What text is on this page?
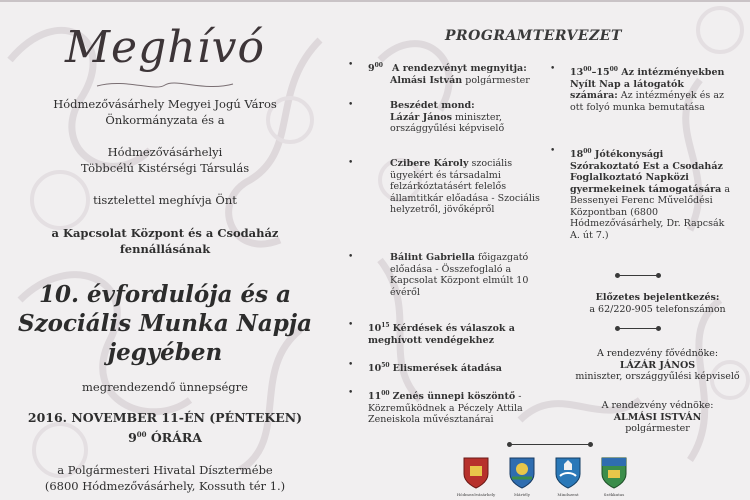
Meghívó
Hódmezővásárhely Megyei Jogú Város
Önkormányzata és a
Hódmezővásárhelyi
Többcélú Kistérségi Társulás
tisztelettel meghívja Önt
a Kapcsolat Központ és a Csodaház
fennállásának
10. évfordulója és a
Szociális Munka Napja
jegyében
megrendezendő ünnepségre
2016. NOVEMBER 11-ÉN (PÉNTEKEN)
$9^{00}$ ÓRÁRA
a Polgármesteri Hivatal Dísztermébe
(6800 Hódmezővásárhely, Kossuth tér 1.)
PROGRAMTERVEZET
• $9^{00}$ A rendezvényt megnyitja:
Almási István polgármester
•	Beszédet mond:
Lázár János miniszter, országgyűlési képviselő
•	Czibere Károly szociális ügyekért és társadalmi felzárkóztatásért felelős államtitkár előadása - Szociális helyzetről, jövőképről
•	Bálint Gabriella főigazgató előadása - Összefoglaló a Kapcsolat Központ elmúlt 10 évéről
• $10^{15}$ Kérdések és válaszok a meghívott vendégekhez
• $10^{50}$ Elismerések átadása
• $11^{00}$ Zenés ünnepi köszöntő - Közreműködnek a Péczely Attila Zeneiskola művésztanárai
• $13^{00}-15^{00}$ Az intézményekben Nyílt Nap a látogatók számára: Az intézmények és az ott folyó munka bemutatása
• $18^{00}$ Jótékonysági Szórakoztató Est a Csodaház Foglalkoztató Napközi gyermekeinek támogatására a Bessenyei Ferenc Művelődési Központban (6800 Hódmezővásárhely, Dr. Rapcsák A. út 7.)
Előzetes bejelentkezés:
a 62/220-905 telefonszámon
A rendezvény fővédnöke:
LÁZÁR JÁNOS
miniszter, országgyűlési képviselő
A rendezvény védnöke:
ALMÁSI ISTVÁN
polgármester
Hódmezővásárhely	Mártély	Mindszent	Székkutas
